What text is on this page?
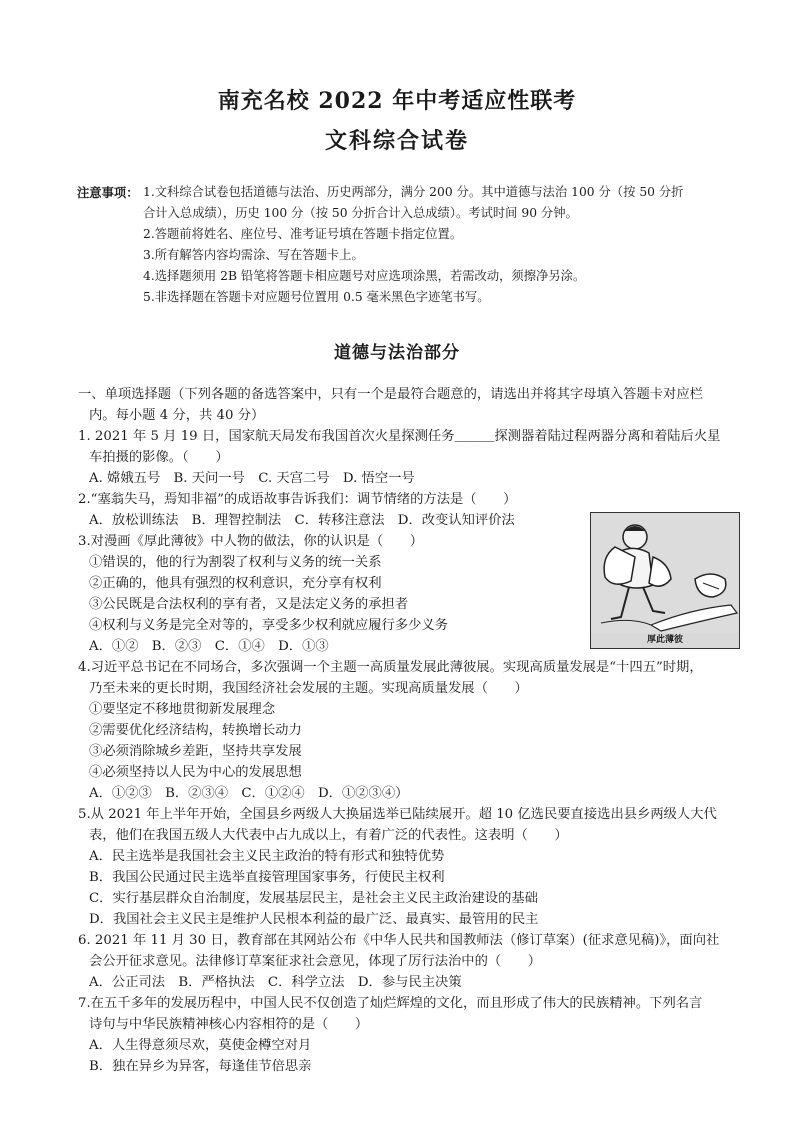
南充名校 2022 年中考适应性联考
文科综合试卷
注意事项： 1.文科综合试卷包括道德与法治、历史两部分，满分 200 分。其中道德与法治 100 分（按 50 分折
合计入总成绩），历史 100 分（按 50 分折合计入总成绩）。考试时间 90 分钟。
2.答题前将姓名、座位号、准考证号填在答题卡指定位置。
3.所有解答内容均需涂、写在答题卡上。
4.选择题须用 2B 铅笔将答题卡相应题号对应选项涂黑，若需改动，须擦净另涂。
5.非选择题在答题卡对应题号位置用 0.5 毫米黑色字迹笔书写。
道德与法治部分
一、单项选择题（下列各题的备选答案中，只有一个是最符合题意的，请选出并将其字母填入答题卡对应栏
内。每小题 4 分，共 40 分）
1. 2021 年 5 月 19 日，国家航天局发布我国首次火星探测任务＿＿＿探测器着陆过程两器分离和着陆后火星
车拍摄的影像。（　　）
A. 嫦娥五号　B. 天问一号　C. 天宫二号　D. 悟空一号
2.“塞翁失马，焉知非福”的成语故事告诉我们：调节情绪的方法是（　　）
A．放松训练法　B．理智控制法　C．转移注意法　D．改变认知评价法
3.对漫画《厚此薄彼》中人物的做法，你的认识是（　　）
①错误的，他的行为割裂了权利与义务的统一关系
②正确的，他具有强烈的权利意识，充分享有权利
③公民既是合法权利的享有者，又是法定义务的承担者
④权利与义务是完全对等的，享受多少权利就应履行多少义务
A．①②　B．②③　C．①④　D．①③
4.习近平总书记在不同场合，多次强调一个主题一高质量发展此薄彼展。实现高质量发展是“十四五”时期，
乃至未来的更长时期，我国经济社会发展的主题。实现高质量发展（　　）
①要坚定不移地贯彻新发展理念
②需要优化经济结构，转换增长动力
③必须消除城乡差距，坚持共享发展
④必须坚持以人民为中心的发展思想
A．①②③　B．②③④　C．①②④　D．①②③④）
5.从 2021 年上半年开始，全国县乡两级人大换届选举已陆续展开。超 10 亿选民要直接选出县乡两级人大代
表，他们在我国五级人大代表中占九成以上，有着广泛的代表性。这表明（　　）
A．民主选举是我国社会主义民主政治的特有形式和独特优势
B．我国公民通过民主选举直接管理国家事务，行使民主权利
C．实行基层群众自治制度，发展基层民主，是社会主义民主政治建设的基础
D．我国社会主义民主是维护人民根本利益的最广泛、最真实、最管用的民主
6. 2021 年 11 月 30 日，教育部在其网站公布《中华人民共和国教师法（修订草案）(征求意见稿)》，面向社
会公开征求意见。法律修订草案征求社会意见，体现了厉行法治中的（　　）
A．公正司法　B．严格执法　C．科学立法　D．参与民主决策
7.在五千多年的发展历程中，中国人民不仅创造了灿烂辉煌的文化，而且形成了伟大的民族精神。下列名言
诗句与中华民族精神核心内容相符的是（　　）
A．人生得意须尽欢，莫使金樽空对月
B．独在异乡为异客，每逢佳节倍思亲
厚此薄彼
